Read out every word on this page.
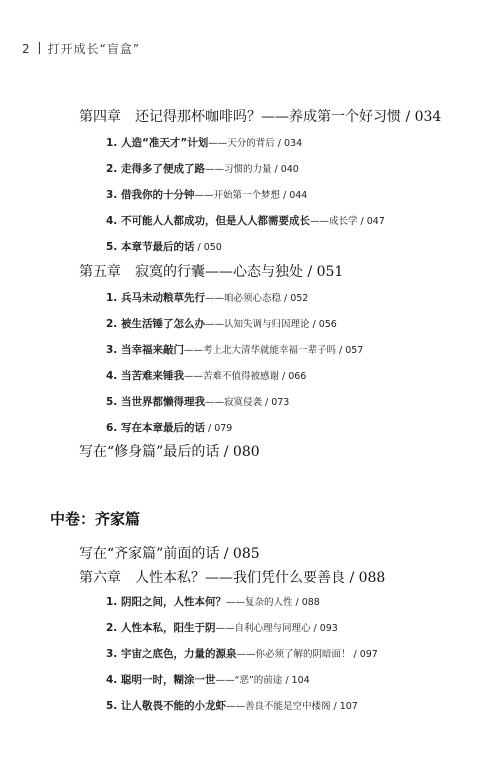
2 打开成长“盲盒”
第四章　还记得那杯咖啡吗？——养成第一个好习惯 / 034
1. 人造“准天才”计划——天分的背后 / 034
2. 走得多了便成了路——习惯的力量 / 040
3. 借我你的十分钟——开始第一个梦想 / 044
4. 不可能人人都成功，但是人人都需要成长——成长学 / 047
5. 本章节最后的话 / 050
第五章　寂寞的行囊——心态与独处 / 051
1. 兵马未动粮草先行——咱必须心态稳 / 052
2. 被生活锤了怎么办——认知失调与归因理论 / 056
3. 当幸福来敲门——考上北大清华就能幸福一辈子吗 / 057
4. 当苦难来锤我——苦难不值得被感谢 / 066
5. 当世界都懒得理我——寂寞侵袭 / 073
6. 写在本章最后的话 / 079
写在“修身篇”最后的话 / 080
中卷：齐家篇
写在“齐家篇”前面的话 / 085
第六章　人性本私？——我们凭什么要善良 / 088
1. 阴阳之间，人性本何？——复杂的人性 / 088
2. 人性本私，阳生于阴——自利心理与同理心 / 093
3. 宇宙之底色，力量的源泉——你必须了解的阴暗面！ / 097
4. 聪明一时，糊涂一世——“恶”的前途 / 104
5. 让人敬畏不能的小龙虾——善良不能是空中楼阁 / 107
